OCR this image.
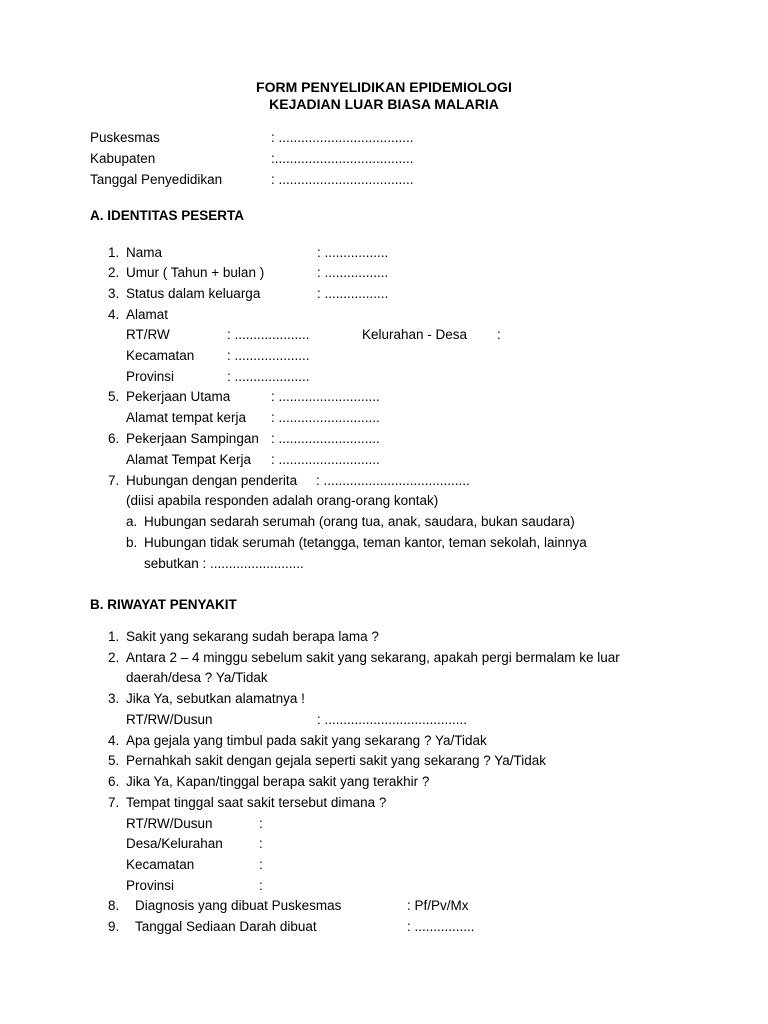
FORM PENYELIDIKAN EPIDEMIOLOGI
KEJADIAN LUAR BIASA MALARIA
Puskesmas	: ....................................
Kabupaten	:.....................................
Tanggal Penyedidikan	: ....................................
A. IDENTITAS PESERTA
1. Nama	: .................
2. Umur ( Tahun + bulan )	: .................
3. Status dalam keluarga	: .................
4. Alamat
RT/RW	: ....................	Kelurahan - Desa :
Kecamatan : ....................
Provinsi	: ....................
5. Pekerjaan Utama	: ...........................
Alamat tempat kerja : ...........................
6. Pekerjaan Sampingan : ...........................
Alamat Tempat Kerja : ...........................
7. Hubungan dengan penderita : .......................................
(diisi apabila responden adalah orang-orang kontak)
a. Hubungan sedarah serumah (orang tua, anak, saudara, bukan saudara)
b. Hubungan tidak serumah (tetangga, teman kantor, teman sekolah, lainnya
sebutkan : .........................
B. RIWAYAT PENYAKIT
1. Sakit yang sekarang sudah berapa lama ?
2. Antara 2 – 4 minggu sebelum sakit yang sekarang, apakah pergi bermalam ke luar
daerah/desa ? Ya/Tidak
3. Jika Ya, sebutkan alamatnya !
RT/RW/Dusun	: ......................................
4. Apa gejala yang timbul pada sakit yang sekarang ? Ya/Tidak
5. Pernahkah sakit dengan gejala seperti sakit yang sekarang ? Ya/Tidak
6. Jika Ya, Kapan/tinggal berapa sakit yang terakhir ?
7. Tempat tinggal saat sakit tersebut dimana ?
RT/RW/Dusun	:
Desa/Kelurahan	:
Kecamatan	:
Provinsi	:
8. Diagnosis yang dibuat Puskesmas	: Pf/Pv/Mx
9. Tanggal Sediaan Darah dibuat	: ................
